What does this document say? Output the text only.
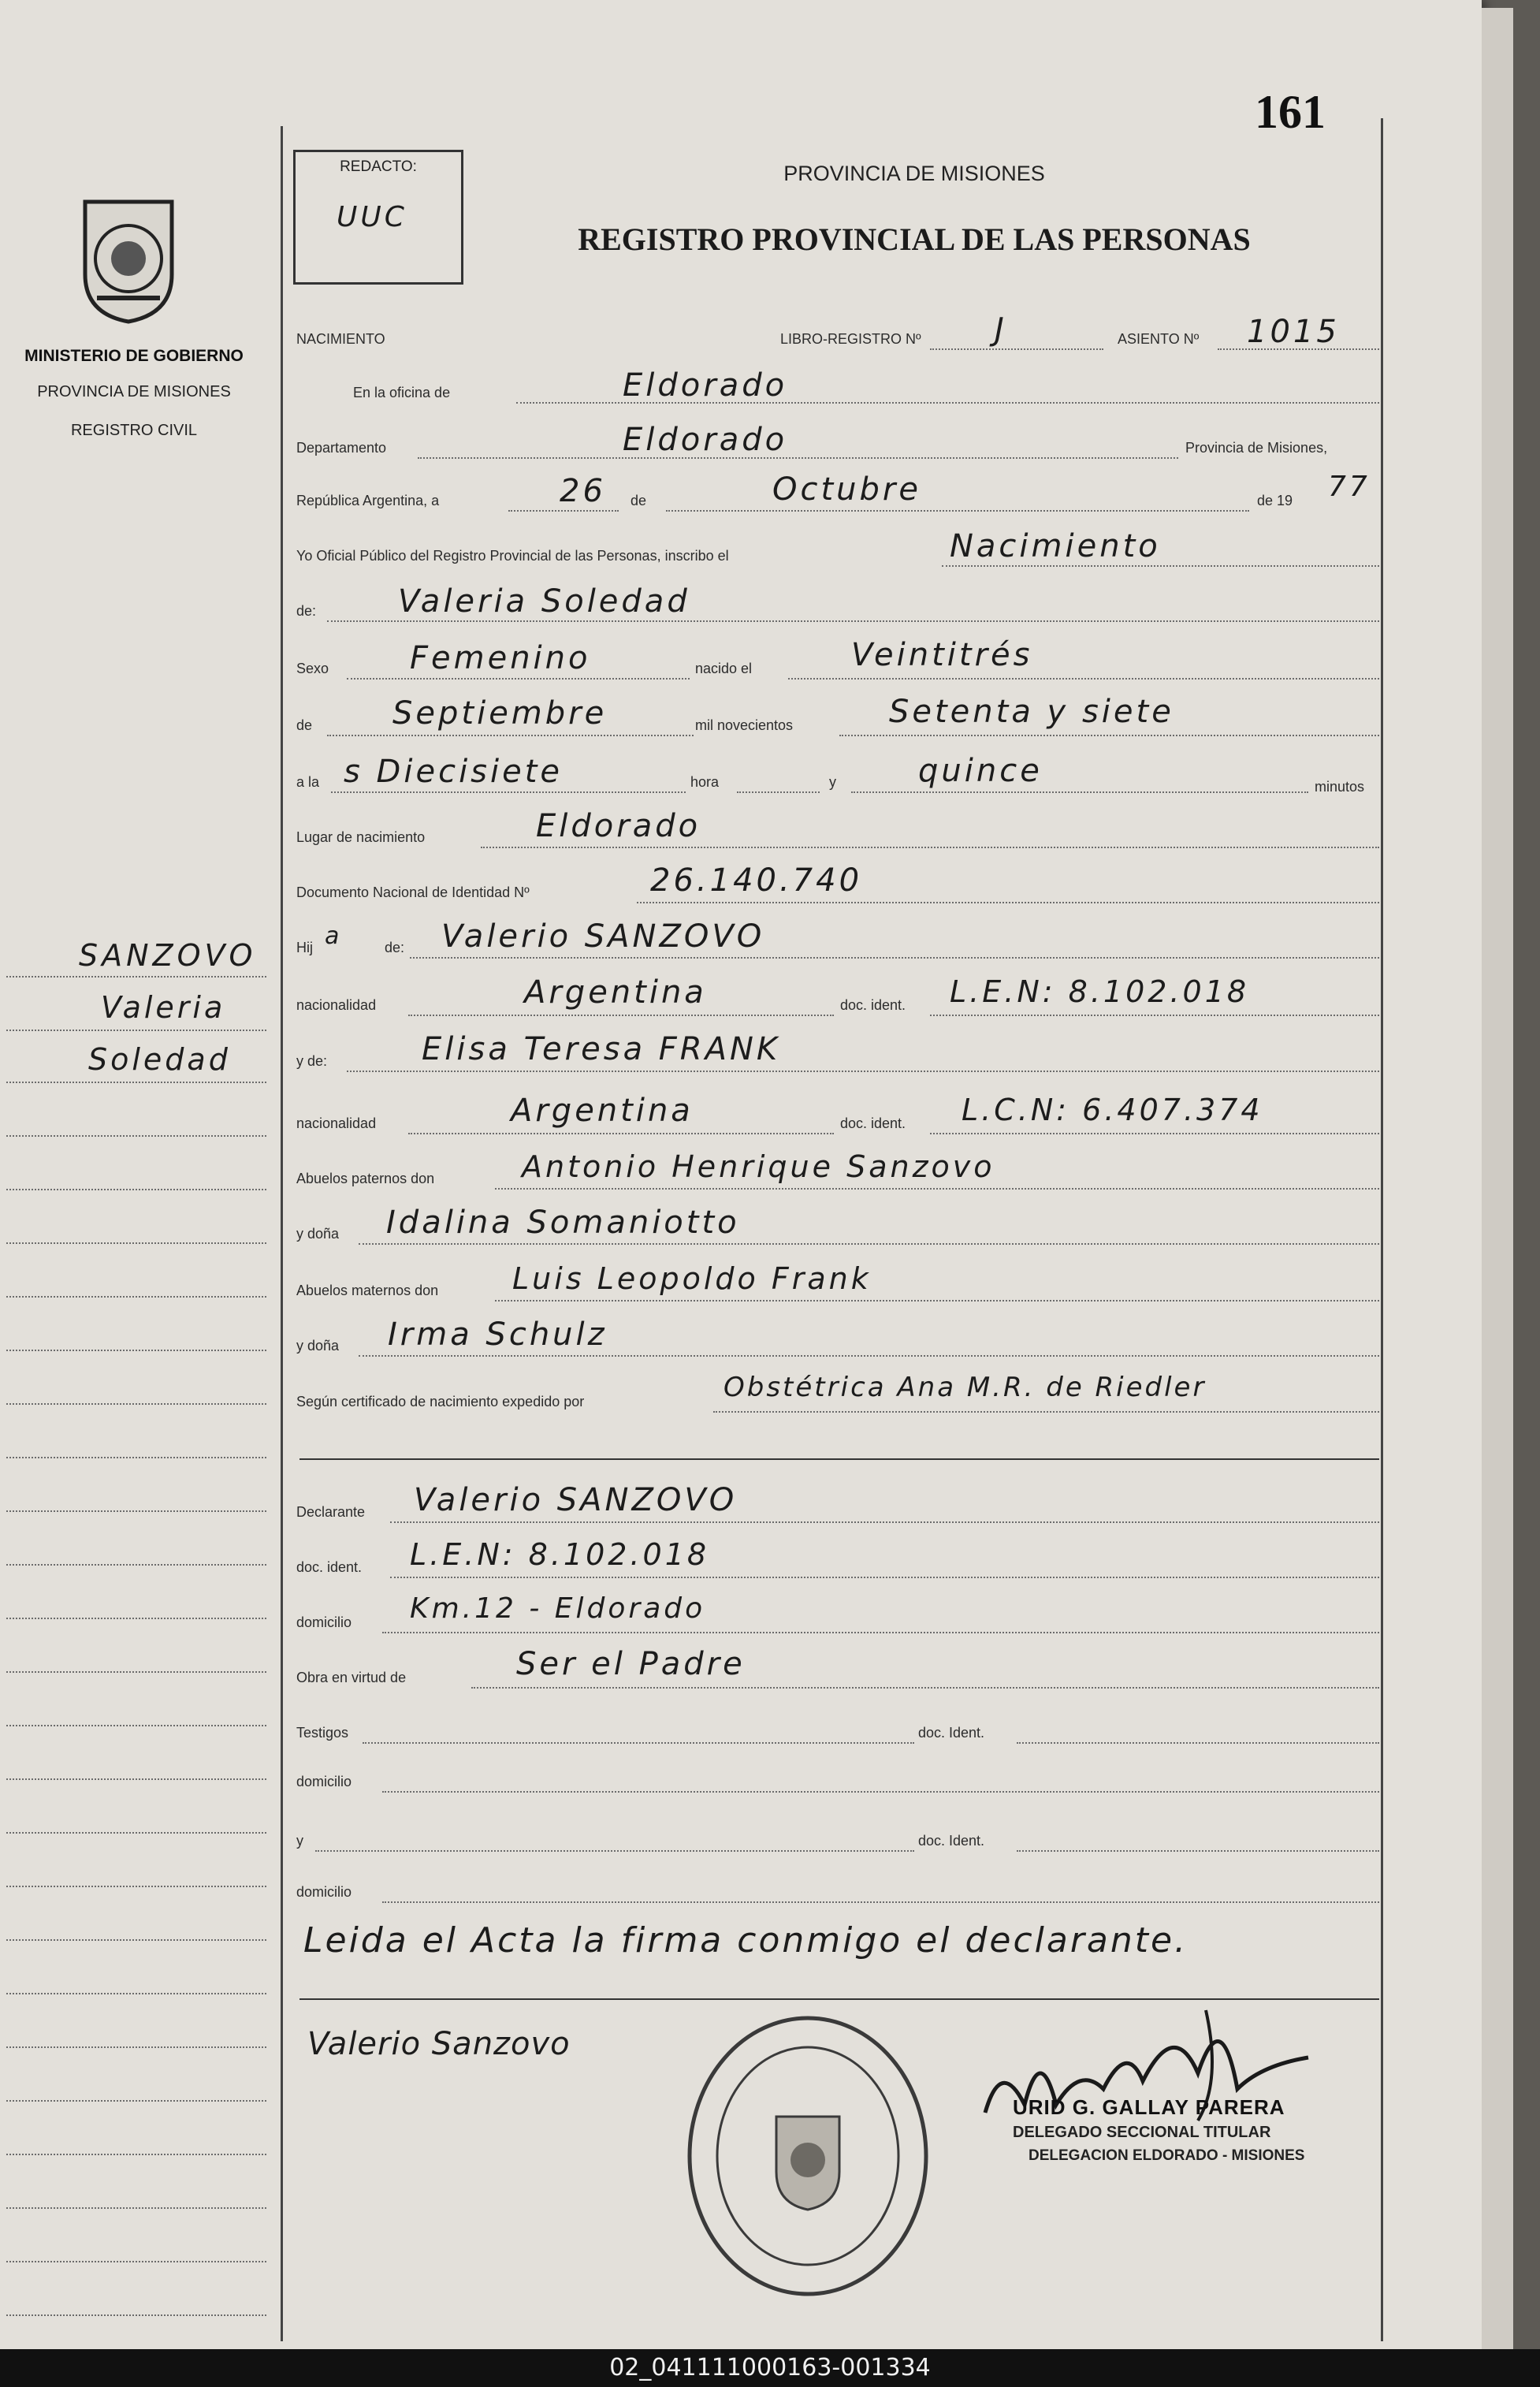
161
MINISTERIO DE GOBIERNO
PROVINCIA DE MISIONES
REGISTRO CIVIL
REDACTO:
UUC
PROVINCIA DE MISIONES
REGISTRO PROVINCIAL DE LAS PERSONAS
NACIMIENTO	LIBRO-REGISTRO Nº J	ASIENTO Nº 1015
En la oficina de	Eldorado
Departamento	Eldorado	Provincia de Misiones,
República Argentina, a	26 de	Octubre	de 19 77
Yo Oficial Público del Registro Provincial de las Personas, inscribo el	Nacimiento
de:	Valeria Soledad
Sexo	Femenino	nacido el	Veintitrés
de	Septiembre	mil novecientos	Setenta y siete
a la s Diecisiete	hora	y	quince	minutos
Lugar de nacimiento	Eldorado
Documento Nacional de Identidad Nº	26.140.740
Hij a	de: Valerio SANZOVO
nacionalidad	Argentina	doc. ident. L.E.N: 8.102.018
y de:	Elisa Teresa FRANK
nacionalidad	Argentina	doc. ident. L.C.N: 6.407.374
Abuelos paternos don	Antonio Henrique Sanzovo
y doña Idalina Somaniotto
Abuelos maternos don Luis Leopoldo Frank
y doña Irma Schulz
Según certificado de nacimiento expedido por	Obstétrica Ana M.R. de Riedler
Declarante Valerio SANZOVO
doc. ident. L.E.N: 8.102.018
domicilio Km.12 - Eldorado
Obra en virtud de	Ser el Padre
Testigos	doc. Ident.
domicilio
y	doc. Ident.
domicilio
Leida el Acta la firma conmigo el declarante.
Valerio Sanzovo
URID G. GALLAY PARERA
DELEGADO SECCIONAL TITULAR
DELEGACION ELDORADO - MISIONES
SANZOVO
Valeria
Soledad
02_041111000163-001334
